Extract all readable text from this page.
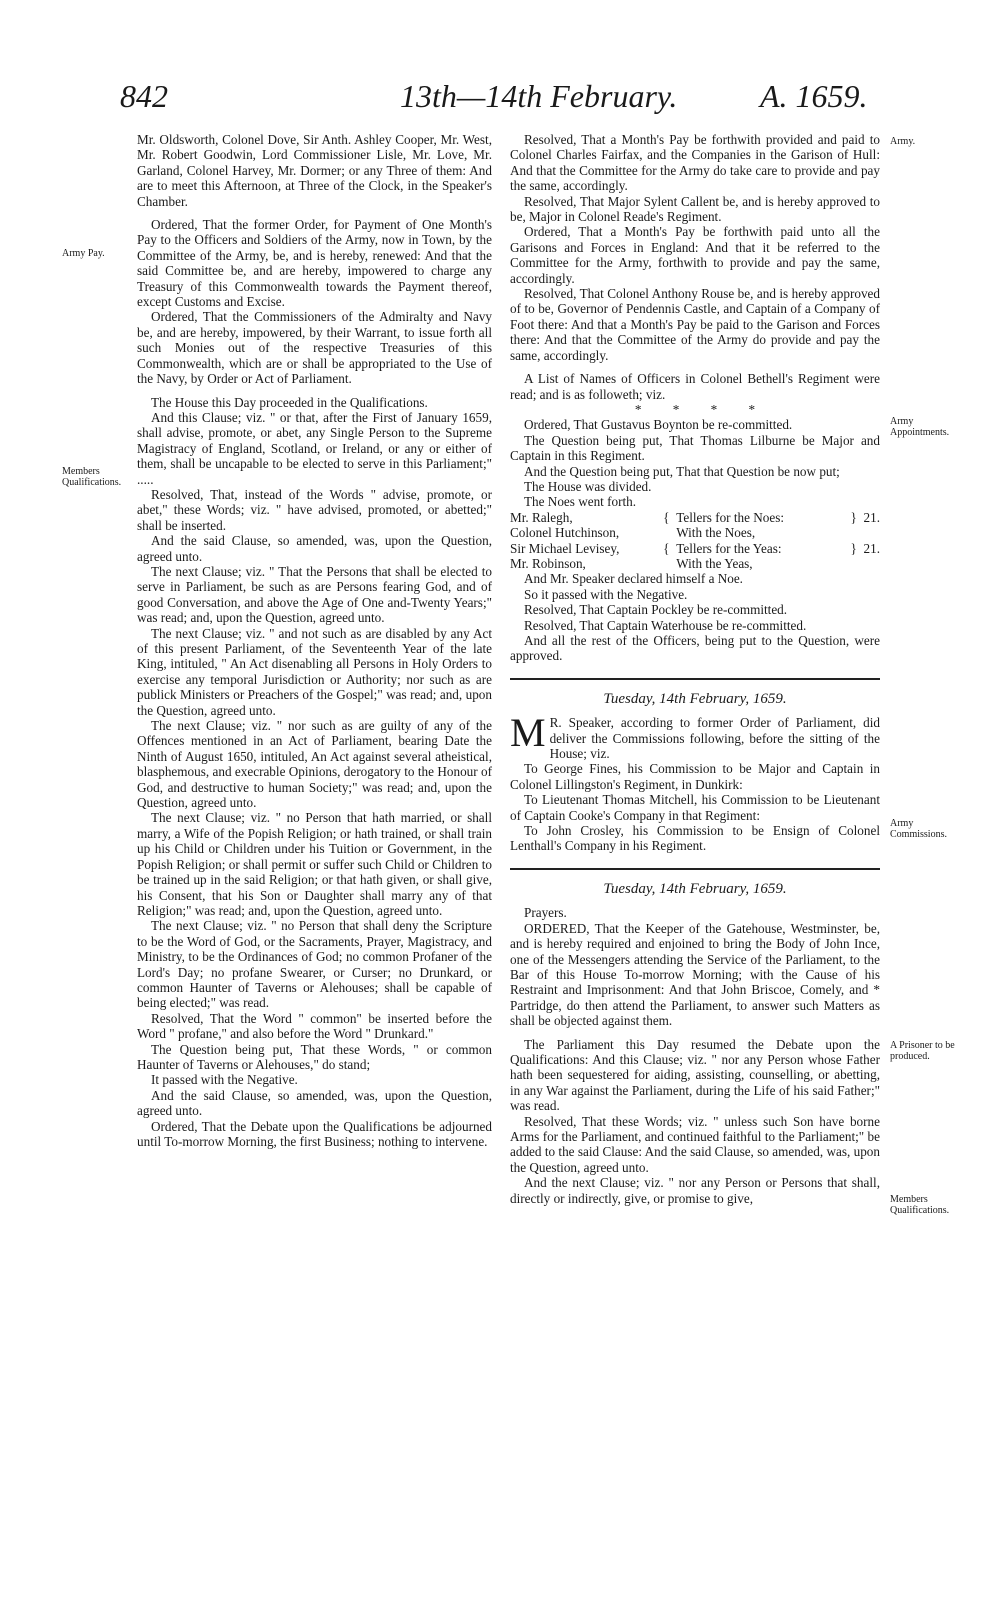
842	13th—14th February.	A. 1659.
Army Pay.
Members Qualifications.
Army.
Army Appointments.
Army Commissions.
A Prisoner to be produced.
Members Qualifications.

Mr. Oldsworth, Colonel Dove, Sir Anth. Ashley Cooper, Mr. West, Mr. Robert Goodwin, Lord Commissioner Lisle, Mr. Love, Mr. Garland, Colonel Harvey, Mr. Dormer; or any Three of them: And are to meet this Afternoon, at Three of the Clock, in the Speaker's Chamber.

Ordered, That the former Order, for Payment of One Month's Pay to the Officers and Soldiers of the Army, now in Town, by the Committee of the Army, be, and is hereby, renewed: And that the said Committee be, and are hereby, impowered to charge any Treasury of this Commonwealth towards the Payment thereof, except Customs and Excise.

Ordered, That the Commissioners of the Admiralty and Navy be, and are hereby, impowered, by their Warrant, to issue forth all such Monies out of the respective Treasuries of this Commonwealth, which are or shall be appropriated to the Use of the Navy, by Order or Act of Parliament.

The House this Day proceeded in the Qualifications.

And this Clause; viz. " or that, after the First of January 1659, shall advise, promote, or abet, any Single Person to the Supreme Magistracy of England, Scotland, or Ireland, or any or either of them, shall be uncapable to be elected to serve in this Parliament;" .....

Resolved, That, instead of the Words " advise, promote, or abet," these Words; viz. " have advised, promoted, or abetted;" shall be inserted.

And the said Clause, so amended, was, upon the Question, agreed unto.

The next Clause; viz. " That the Persons that shall be elected to serve in Parliament, be such as are Persons fearing God, and of good Conversation, and above the Age of One and-Twenty Years;" was read; and, upon the Question, agreed unto.

The next Clause; viz. " and not such as are disabled by any Act of this present Parliament, of the Seventeenth Year of the late King, intituled, " An Act disenabling all Persons in Holy Orders to exercise any temporal Jurisdiction or Authority; nor such as are publick Ministers or Preachers of the Gospel;" was read; and, upon the Question, agreed unto.

The next Clause; viz. " nor such as are guilty of any of the Offences mentioned in an Act of Parliament, bearing Date the Ninth of August 1650, intituled, An Act against several atheistical, blasphemous, and execrable Opinions, derogatory to the Honour of God, and destructive to human Society;" was read; and, upon the Question, agreed unto.

The next Clause; viz. " no Person that hath married, or shall marry, a Wife of the Popish Religion; or hath trained, or shall train up his Child or Children under his Tuition or Government, in the Popish Religion; or shall permit or suffer such Child or Children to be trained up in the said Religion; or that hath given, or shall give, his Consent, that his Son or Daughter shall marry any of that Religion;" was read; and, upon the Question, agreed unto.

The next Clause; viz. " no Person that shall deny the Scripture to be the Word of God, or the Sacraments, Prayer, Magistracy, and Ministry, to be the Ordinances of God; no common Profaner of the Lord's Day; no profane Swearer, or Curser; no Drunkard, or common Haunter of Taverns or Alehouses; shall be capable of being elected;" was read.

Resolved, That the Word " common" be inserted before the Word " profane," and also before the Word " Drunkard."

The Question being put, That these Words, " or common Haunter of Taverns or Alehouses," do stand;

It passed with the Negative.

And the said Clause, so amended, was, upon the Question, agreed unto.

Ordered, That the Debate upon the Qualifications be adjourned until To-morrow Morning, the first Business; nothing to intervene.

Resolved, That a Month's Pay be forthwith provided and paid to Colonel Charles Fairfax, and the Companies in the Garison of Hull: And that the Committee for the Army do take care to provide and pay the same, accordingly.

Resolved, That Major Sylent Callent be, and is hereby approved to be, Major in Colonel Reade's Regiment.

Ordered, That a Month's Pay be forthwith paid unto all the Garisons and Forces in England: And that it be referred to the Committee for the Army, forthwith to provide and pay the same, accordingly.

Resolved, That Colonel Anthony Rouse be, and is hereby approved of to be, Governor of Pendennis Castle, and Captain of a Company of Foot there: And that a Month's Pay be paid to the Garison and Forces there: And that the Committee of the Army do provide and pay the same, accordingly.

A List of Names of Officers in Colonel Bethell's Regiment were read; and is as followeth; viz.

* * * *

Ordered, That Gustavus Boynton be re-committed.

The Question being put, That Thomas Lilburne be Major and Captain in this Regiment.

And the Question being put, That that Question be now put;

The House was divided.

The Noes went forth.

Mr. Ralegh,	{	Tellers for the Noes:	}	21.
Colonel Hutchinson,		With the Noes,		
Sir Michael Levisey,	{	Tellers for the Yeas:	}	21.
Mr. Robinson,		With the Yeas,		

And Mr. Speaker declared himself a Noe.

So it passed with the Negative.

Resolved, That Captain Pockley be re-committed.

Resolved, That Captain Waterhouse be re-committed.

And all the rest of the Officers, being put to the Question, were approved.

Tuesday, 14th February, 1659.

M R. Speaker, according to former Order of Parliament, did deliver the Commissions following, before the sitting of the House; viz.

To George Fines, his Commission to be Major and Captain in Colonel Lillingston's Regiment, in Dunkirk:

To Lieutenant Thomas Mitchell, his Commission to be Lieutenant of Captain Cooke's Company in that Regiment:

To John Crosley, his Commission to be Ensign of Colonel Lenthall's Company in his Regiment.

Tuesday, 14th February, 1659.

Prayers.

ORDERED, That the Keeper of the Gatehouse, Westminster, be, and is hereby required and enjoined to bring the Body of John Ince, one of the Messengers attending the Service of the Parliament, to the Bar of this House To-morrow Morning; with the Cause of his Restraint and Imprisonment: And that John Briscoe, Comely, and * Partridge, do then attend the Parliament, to answer such Matters as shall be objected against them.

The Parliament this Day resumed the Debate upon the Qualifications: And this Clause; viz. " nor any Person whose Father hath been sequestered for aiding, assisting, counselling, or abetting, in any War against the Parliament, during the Life of his said Father;" was read.

Resolved, That these Words; viz. " unless such Son have borne Arms for the Parliament, and continued faithful to the Parliament;" be added to the said Clause: And the said Clause, so amended, was, upon the Question, agreed unto.

And the next Clause; viz. " nor any Person or Persons that shall, directly or indirectly, give, or promise to give,
